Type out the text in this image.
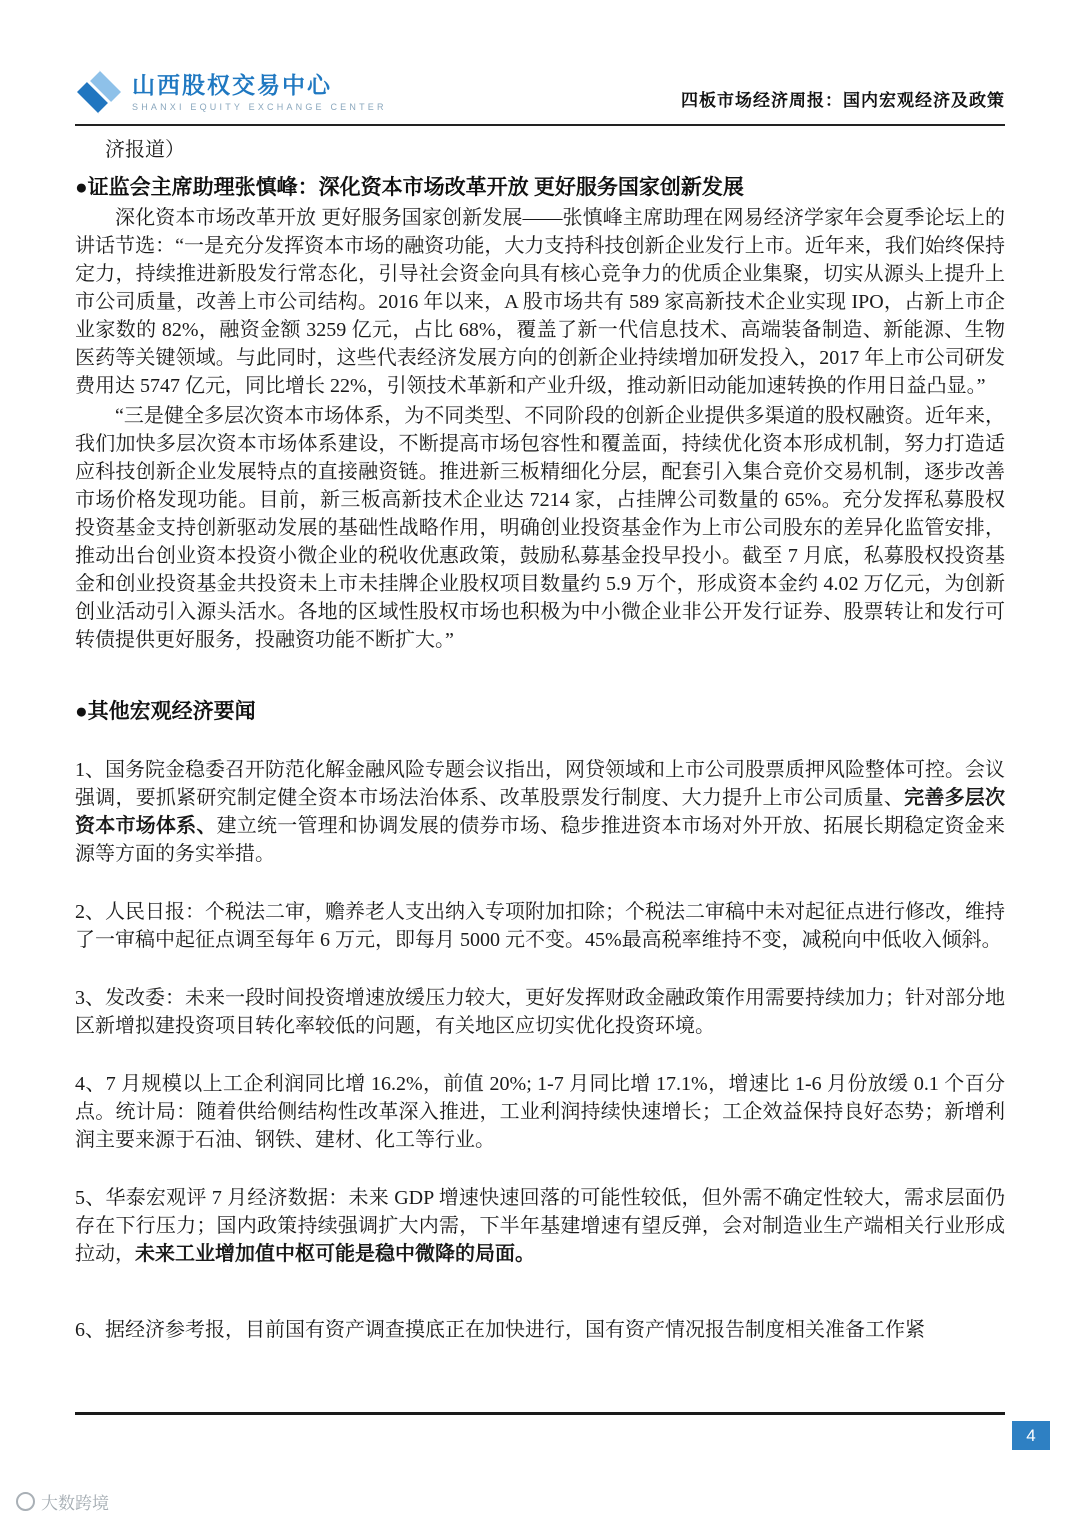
山西股权交易中心
SHANXI EQUITY EXCHANGE CENTER	四板市场经济周报：国内宏观经济及政策

济报道）

●证监会主席助理张慎峰：深化资本市场改革开放 更好服务国家创新发展

深化资本市场改革开放 更好服务国家创新发展——张慎峰主席助理在网易经济学家年会夏季论坛上的讲话节选：“一是充分发挥资本市场的融资功能，大力支持科技创新企业发行上市。近年来，我们始终保持定力，持续推进新股发行常态化，引导社会资金向具有核心竞争力的优质企业集聚，切实从源头上提升上市公司质量，改善上市公司结构。2016 年以来，A 股市场共有 589 家高新技术企业实现 IPO，占新上市企业家数的 82%，融资金额 3259 亿元，占比 68%，覆盖了新一代信息技术、高端装备制造、新能源、生物医药等关键领域。与此同时，这些代表经济发展方向的创新企业持续增加研发投入，2017 年上市公司研发费用达 5747 亿元，同比增长 22%，引领技术革新和产业升级，推动新旧动能加速转换的作用日益凸显。”

“三是健全多层次资本市场体系，为不同类型、不同阶段的创新企业提供多渠道的股权融资。近年来，我们加快多层次资本市场体系建设，不断提高市场包容性和覆盖面，持续优化资本形成机制，努力打造适应科技创新企业发展特点的直接融资链。推进新三板精细化分层，配套引入集合竞价交易机制，逐步改善市场价格发现功能。目前，新三板高新技术企业达 7214 家，占挂牌公司数量的 65%。充分发挥私募股权投资基金支持创新驱动发展的基础性战略作用，明确创业投资基金作为上市公司股东的差异化监管安排，推动出台创业资本投资小微企业的税收优惠政策，鼓励私募基金投早投小。截至 7 月底，私募股权投资基金和创业投资基金共投资未上市未挂牌企业股权项目数量约 5.9 万个，形成资本金约 4.02 万亿元，为创新创业活动引入源头活水。各地的区域性股权市场也积极为中小微企业非公开发行证券、股票转让和发行可转债提供更好服务，投融资功能不断扩大。”

●其他宏观经济要闻

1、国务院金稳委召开防范化解金融风险专题会议指出，网贷领域和上市公司股票质押风险整体可控。会议强调，要抓紧研究制定健全资本市场法治体系、改革股票发行制度、大力提升上市公司质量、完善多层次资本市场体系、建立统一管理和协调发展的债券市场、稳步推进资本市场对外开放、拓展长期稳定资金来源等方面的务实举措。

2、人民日报：个税法二审，赡养老人支出纳入专项附加扣除；个税法二审稿中未对起征点进行修改，维持了一审稿中起征点调至每年 6 万元，即每月 5000 元不变。45%最高税率维持不变，减税向中低收入倾斜。

3、发改委：未来一段时间投资增速放缓压力较大，更好发挥财政金融政策作用需要持续加力；针对部分地区新增拟建投资项目转化率较低的问题，有关地区应切实优化投资环境。

4、7 月规模以上工企利润同比增 16.2%，前值 20%; 1-7 月同比增 17.1%，增速比 1-6 月份放缓 0.1 个百分点。统计局：随着供给侧结构性改革深入推进，工业利润持续快速增长；工企效益保持良好态势；新增利润主要来源于石油、钢铁、建材、化工等行业。

5、华泰宏观评 7 月经济数据：未来 GDP 增速快速回落的可能性较低，但外需不确定性较大，需求层面仍存在下行压力；国内政策持续强调扩大内需，下半年基建增速有望反弹，会对制造业生产端相关行业形成拉动，未来工业增加值中枢可能是稳中微降的局面。

6、据经济参考报，目前国有资产调查摸底正在加快进行，国有资产情况报告制度相关准备工作紧

4
大数跨境
